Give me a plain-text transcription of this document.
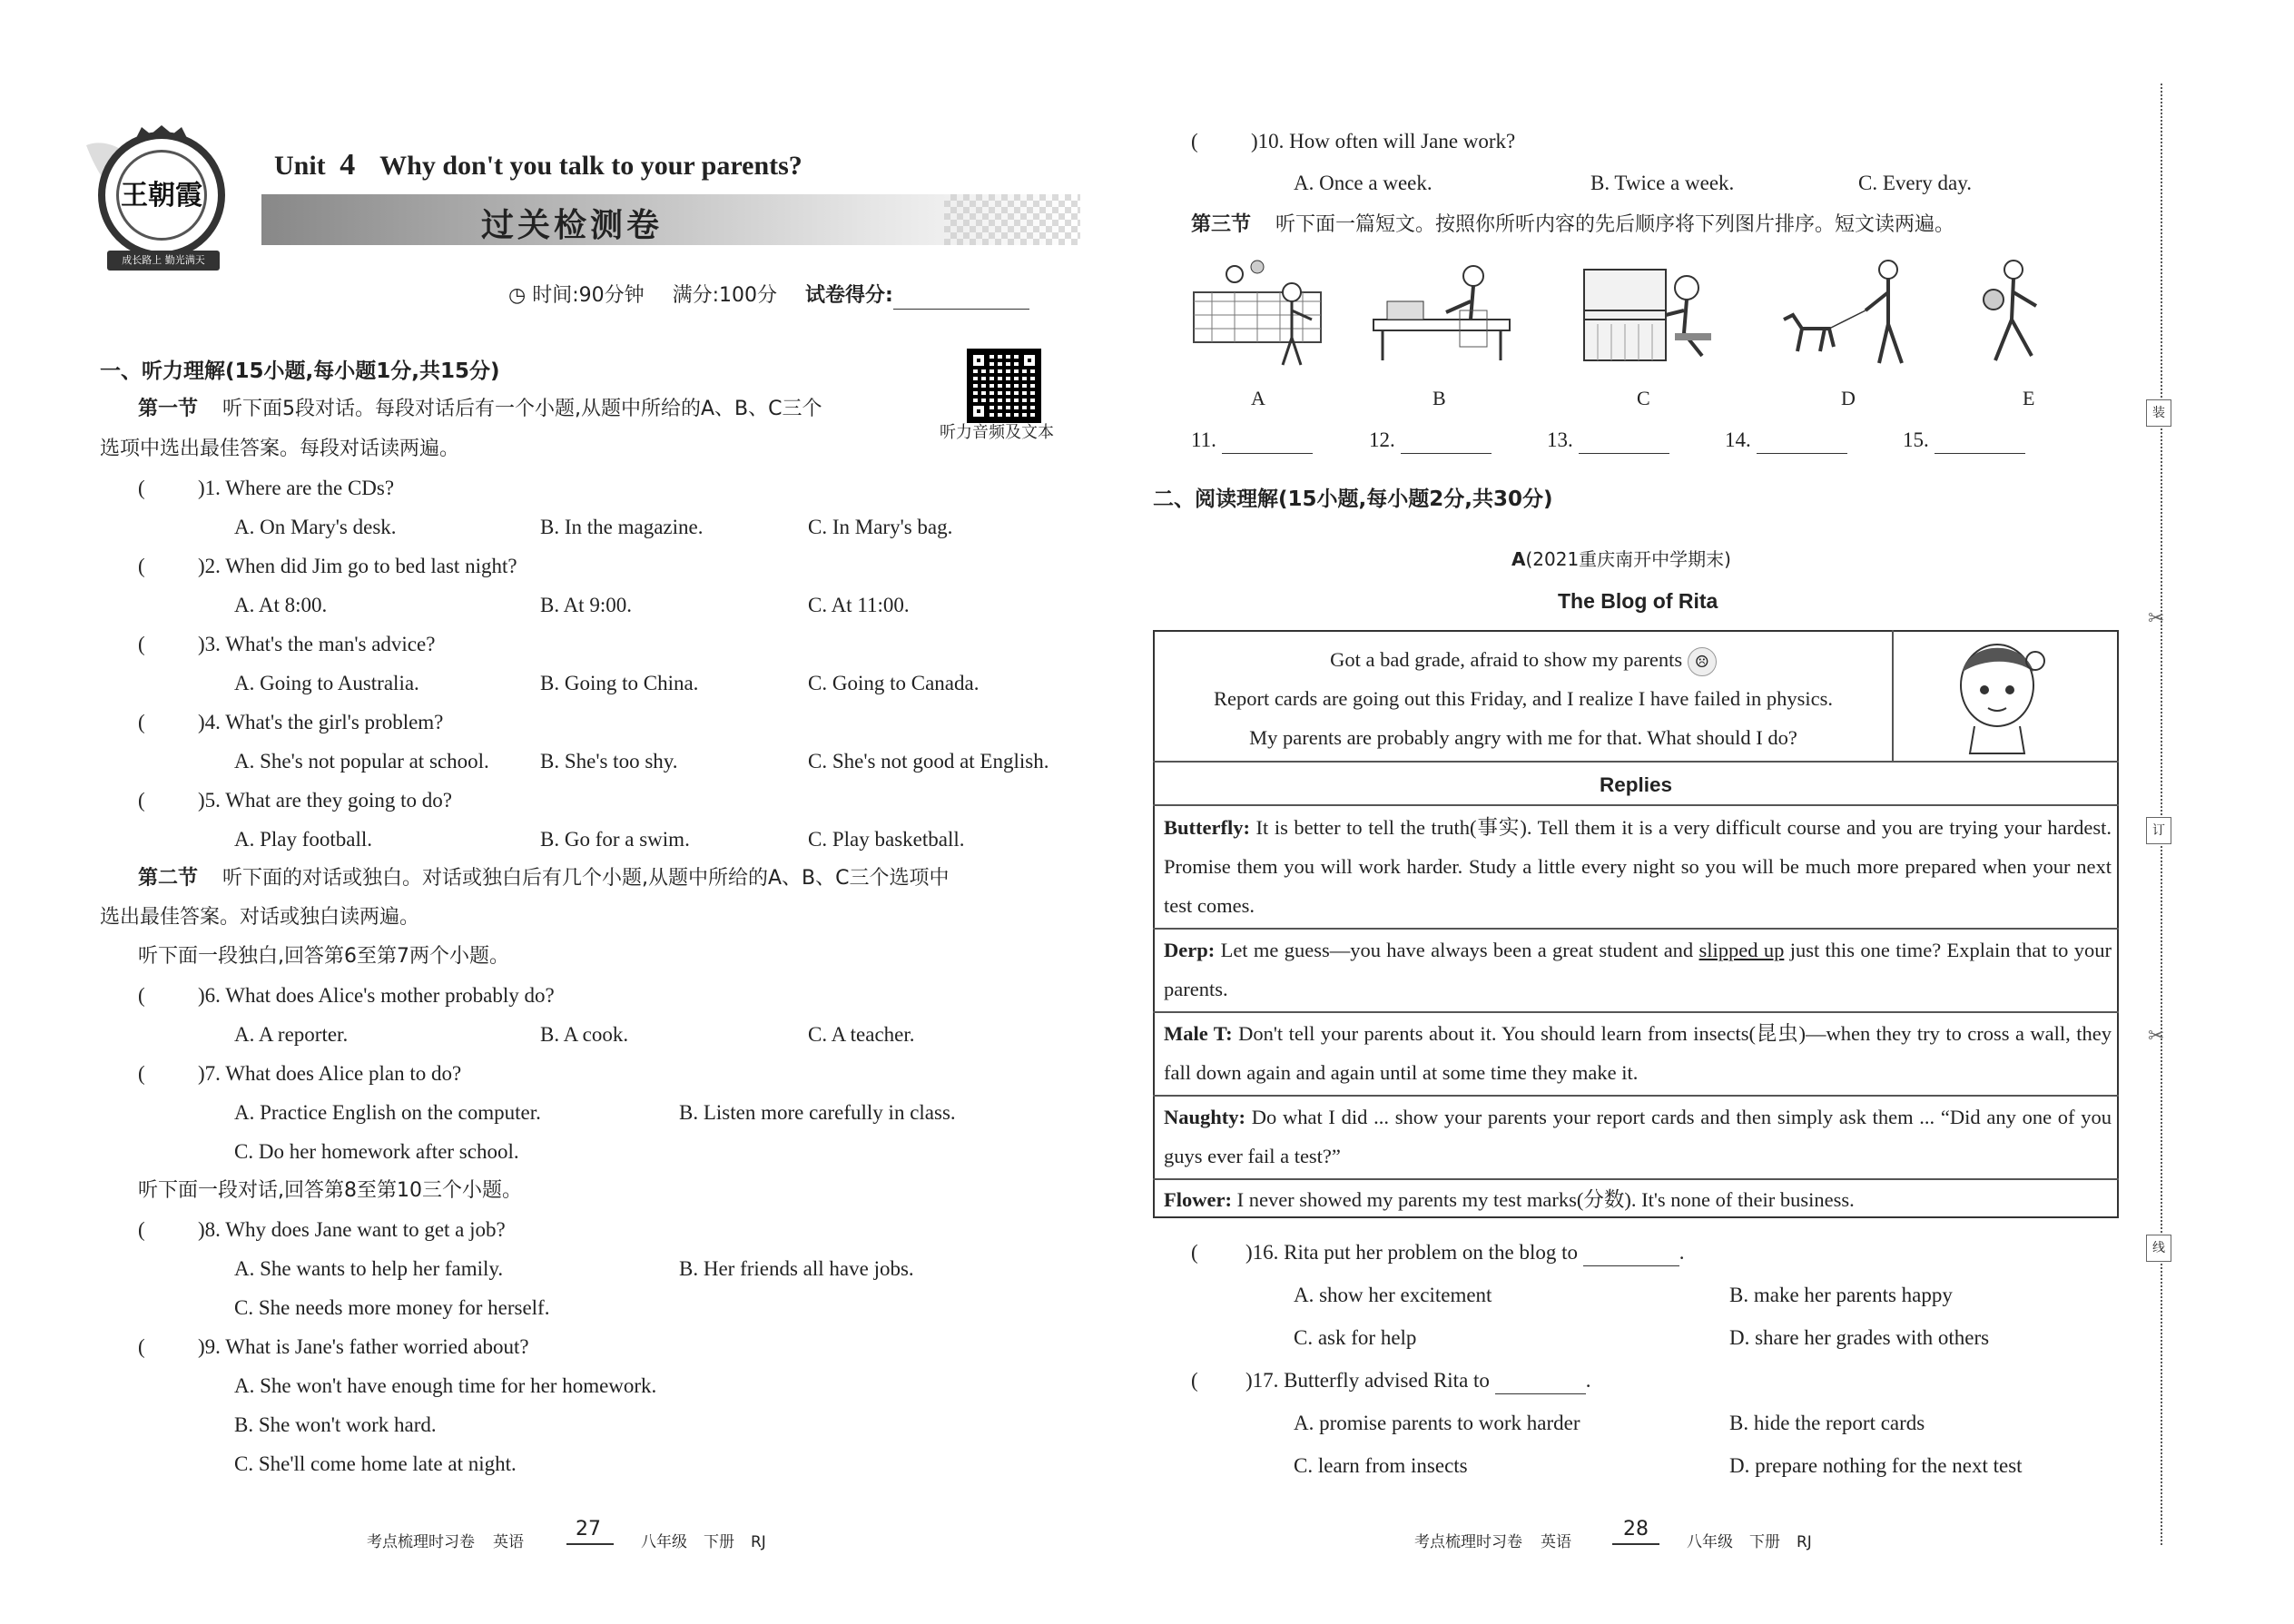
王朝霞
成长路上 勤光满天
Unit 4 Why don't you talk to your parents?
过关检测卷
◷ 时间:90分钟 满分:100分 试卷得分:
听力音频及文本
一、听力理解(15小题,每小题1分,共15分)
第一节 听下面5段对话。每段对话后有一个小题,从题中所给的A、B、C三个
选项中选出最佳答案。每段对话读两遍。
(	)1. Where are the CDs?
A. On Mary's desk.	B. In the magazine.	C. In Mary's bag.
(	)2. When did Jim go to bed last night?
A. At 8:00.	B. At 9:00.	C. At 11:00.
(	)3. What's the man's advice?
A. Going to Australia.	B. Going to China.	C. Going to Canada.
(	)4. What's the girl's problem?
A. She's not popular at school. B. She's too shy.	C. She's not good at English.
(	)5. What are they going to do?
A. Play football.	B. Go for a swim.	C. Play basketball.
第二节 听下面的对话或独白。对话或独白后有几个小题,从题中所给的A、B、C三个选项中
选出最佳答案。对话或独白读两遍。
听下面一段独白,回答第6至第7两个小题。
(	)6. What does Alice's mother probably do?
A. A reporter.	B. A cook.	C. A teacher.
(	)7. What does Alice plan to do?
A. Practice English on the computer.	B. Listen more carefully in class.
C. Do her homework after school.
听下面一段对话,回答第8至第10三个小题。
(	)8. Why does Jane want to get a job?
A. She wants to help her family.	B. Her friends all have jobs.
C. She needs more money for herself.
(	)9. What is Jane's father worried about?
A. She won't have enough time for her homework.
B. She won't work hard.
C. She'll come home late at night.
考点梳理时习卷 英语
27
八年级 下册 RJ
(	)10. How often will Jane work?
A. Once a week.	B. Twice a week.	C. Every day.
第三节 听下面一篇短文。按照你所听内容的先后顺序将下列图片排序。短文读两遍。
A	B	C	D	E
11.	12.	13.	14.	15.
二、阅读理解(15小题,每小题2分,共30分)
A(2021重庆南开中学期末)
The Blog of Rita
Got a bad grade, afraid to show my parents ☹
Report cards are going out this Friday, and I realize I have failed in physics.
My parents are probably angry with me for that. What should I do?
Replies
Butterfly: It is better to tell the truth(事实). Tell them it is a very difficult course and you are trying your hardest. Promise them you will work harder. Study a little every night so you will be much more prepared when your next test comes.
Derp: Let me guess—you have always been a great student and slipped up just this one time? Explain that to your parents.
Male T: Don't tell your parents about it. You should learn from insects(昆虫)—when they try to cross a wall, they fall down again and again until at some time they make it.
Naughty: Do what I did ... show your parents your report cards and then simply ask them ... “Did any one of you guys ever fail a test?”
Flower: I never showed my parents my test marks(分数). It's none of their business.
( )16. Rita put her problem on the blog to	.
A. show her excitement	B. make her parents happy
C. ask for help	D. share her grades with others
( )17. Butterfly advised Rita to	.
A. promise parents to work harder	B. hide the report cards
C. learn from insects	D. prepare nothing for the next test
考点梳理时习卷 英语
28
八年级 下册 RJ
装
✂
订
✂
线
